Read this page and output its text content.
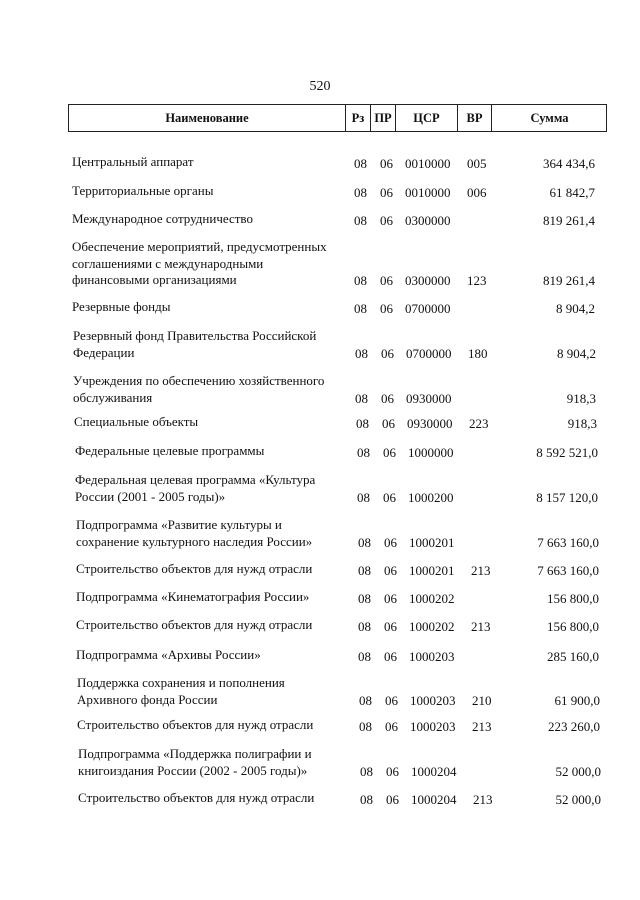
520
Наименование	Рз ПР	ЦСР	ВР	Сумма
Центральный аппарат	08 06 0010000 005	364 434,6
Территориальные органы	08 06 0010000 006	61 842,7
Международное сотрудничество	08 06 0300000	819 261,4
Обеспечение мероприятий, предусмотренных соглашениями с международными финансовыми организациями	08 06 0300000 123	819 261,4
Резервные фонды	08 06 0700000	8 904,2
Резервный фонд Правительства Российской Федерации	08 06 0700000 180	8 904,2
Учреждения по обеспечению хозяйственного обслуживания	08 06 0930000	918,3
Специальные объекты	08 06 0930000 223	918,3
Федеральные целевые программы	08 06 1000000	8 592 521,0
Федеральная целевая программа «Культура России (2001 - 2005 годы)»	08 06 1000200	8 157 120,0
Подпрограмма «Развитие культуры и сохранение культурного наследия России»	08 06 1000201	7 663 160,0
Строительство объектов для нужд отрасли	08 06 1000201 213	7 663 160,0
Подпрограмма «Кинематография России»	08 06 1000202	156 800,0
Строительство объектов для нужд отрасли	08 06 1000202 213	156 800,0
Подпрограмма «Архивы России»	08 06 1000203	285 160,0
Поддержка сохранения и пополнения Архивного фонда России	08 06 1000203 210	61 900,0
Строительство объектов для нужд отрасли	08 06 1000203 213	223 260,0
Подпрограмма «Поддержка полиграфии и книгоиздания России (2002 - 2005 годы)»	08 06 1000204	52 000,0
Строительство объектов для нужд отрасли	08 06 1000204 213	52 000,0
